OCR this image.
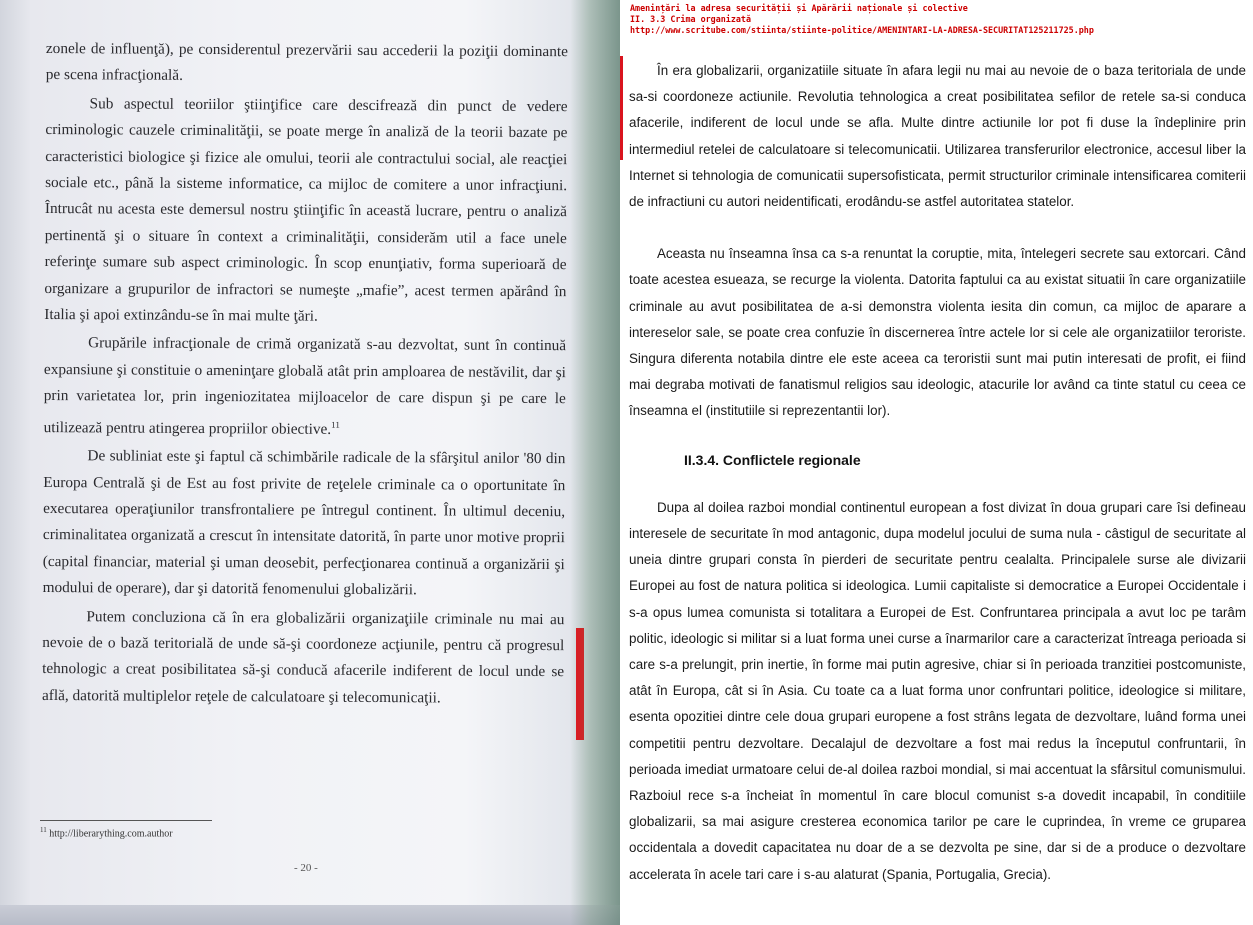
zonele de influenţă), pe considerentul prezervării sau accederii la poziţii dominante pe scena infracţională.

Sub aspectul teoriilor ştiinţifice care descifrează din punct de vedere criminologic cauzele criminalităţii, se poate merge în analiză de la teorii bazate pe caracteristici biologice şi fizice ale omului, teorii ale contractului social, ale reacţiei sociale etc., până la sisteme informatice, ca mijloc de comitere a unor infracţiuni. Întrucât nu acesta este demersul nostru ştiinţific în această lucrare, pentru o analiză pertinentă şi o situare în context a criminalităţii, considerăm util a face unele referinţe sumare sub aspect criminologic. În scop enunţiativ, forma superioară de organizare a grupurilor de infractori se numeşte „mafie”, acest termen apărând în Italia şi apoi extinzându-se în mai multe ţări.

Grupările infracţionale de crimă organizată s-au dezvoltat, sunt în continuă expansiune şi constituie o ameninţare globală atât prin amploarea de nestăvilit, dar şi prin varietatea lor, prin ingeniozitatea mijloacelor de care dispun şi pe care le utilizează pentru atingerea propriilor obiective.$^{11}$

De subliniat este şi faptul că schimbările radicale de la sfârşitul anilor '80 din Europa Centrală şi de Est au fost privite de reţelele criminale ca o oportunitate în executarea operaţiunilor transfrontaliere pe întregul continent. În ultimul deceniu, criminalitatea organizată a crescut în intensitate datorită, în parte unor motive proprii (capital financiar, material şi uman deosebit, perfecţionarea continuă a organizării şi modului de operare), dar şi datorită fenomenului globalizării.

Putem concluziona că în era globalizării organizaţiile criminale nu mai au nevoie de o bază teritorială de unde să-şi coordoneze acţiunile, pentru că progresul tehnologic a creat posibilitatea să-şi conducă afacerile indiferent de locul unde se află, datorită multiplelor reţele de calculatoare şi telecomunicaţii.

$^{11}$ http://liberarything.com.author
- 20 -
Amenințări la adresa securității și Apărării naționale și colective
II. 3.3 Crima organizată
http://www.scritube.com/stiinta/stiinte-politice/AMENINTARI-LA-ADRESA-SECURITAT125211725.php

În era globalizarii, organizatiile situate în afara legii nu mai au nevoie de o baza teritoriala de unde sa-si coordoneze actiunile. Revolutia tehnologica a creat posibilitatea sefilor de retele sa-si conduca afacerile, indiferent de locul unde se afla. Multe dintre actiunile lor pot fi duse la îndeplinire prin intermediul retelei de calculatoare si telecomunicatii. Utilizarea transferurilor electronice, accesul liber la Internet si tehnologia de comunicatii supersofisticata, permit structurilor criminale intensificarea comiterii de infractiuni cu autori neidentificati, erodându-se astfel autoritatea statelor.

Aceasta nu înseamna însa ca s-a renuntat la coruptie, mita, întelegeri secrete sau extorcari. Când toate acestea esueaza, se recurge la violenta. Datorita faptului ca au existat situatii în care organizatiile criminale au avut posibilitatea de a-si demonstra violenta iesita din comun, ca mijloc de aparare a intereselor sale, se poate crea confuzie în discernerea între actele lor si cele ale organizatiilor teroriste. Singura diferenta notabila dintre ele este aceea ca teroristii sunt mai putin interesati de profit, ei fiind mai degraba motivati de fanatismul religios sau ideologic, atacurile lor având ca tinte statul cu ceea ce înseamna el (institutiile si reprezentantii lor).

II.3.4. Conflictele regionale

Dupa al doilea razboi mondial continentul european a fost divizat în doua grupari care îsi defineau interesele de securitate în mod antagonic, dupa modelul jocului de suma nula - câstigul de securitate al uneia dintre grupari consta în pierderi de securitate pentru cealalta. Principalele surse ale divizarii Europei au fost de natura politica si ideologica. Lumii capitaliste si democratice a Europei Occidentale i s-a opus lumea comunista si totalitara a Europei de Est. Confruntarea principala a avut loc pe tarâm politic, ideologic si militar si a luat forma unei curse a înarmarilor care a caracterizat întreaga perioada si care s-a prelungit, prin inertie, în forme mai putin agresive, chiar si în perioada tranzitiei postcomuniste, atât în Europa, cât si în Asia. Cu toate ca a luat forma unor confruntari politice, ideologice si militare, esenta opozitiei dintre cele doua grupari europene a fost strâns legata de dezvoltare, luând forma unei competitii pentru dezvoltare. Decalajul de dezvoltare a fost mai redus la începutul confruntarii, în perioada imediat urmatoare celui de-al doilea razboi mondial, si mai accentuat la sfârsitul comunismului. Razboiul rece s-a încheiat în momentul în care blocul comunist s-a dovedit incapabil, în conditiile globalizarii, sa mai asigure cresterea economica tarilor pe care le cuprindea, în vreme ce gruparea occidentala a dovedit capacitatea nu doar de a se dezvolta pe sine, dar si de a produce o dezvoltare accelerata în acele tari care i s-au alaturat (Spania, Portugalia, Grecia).
